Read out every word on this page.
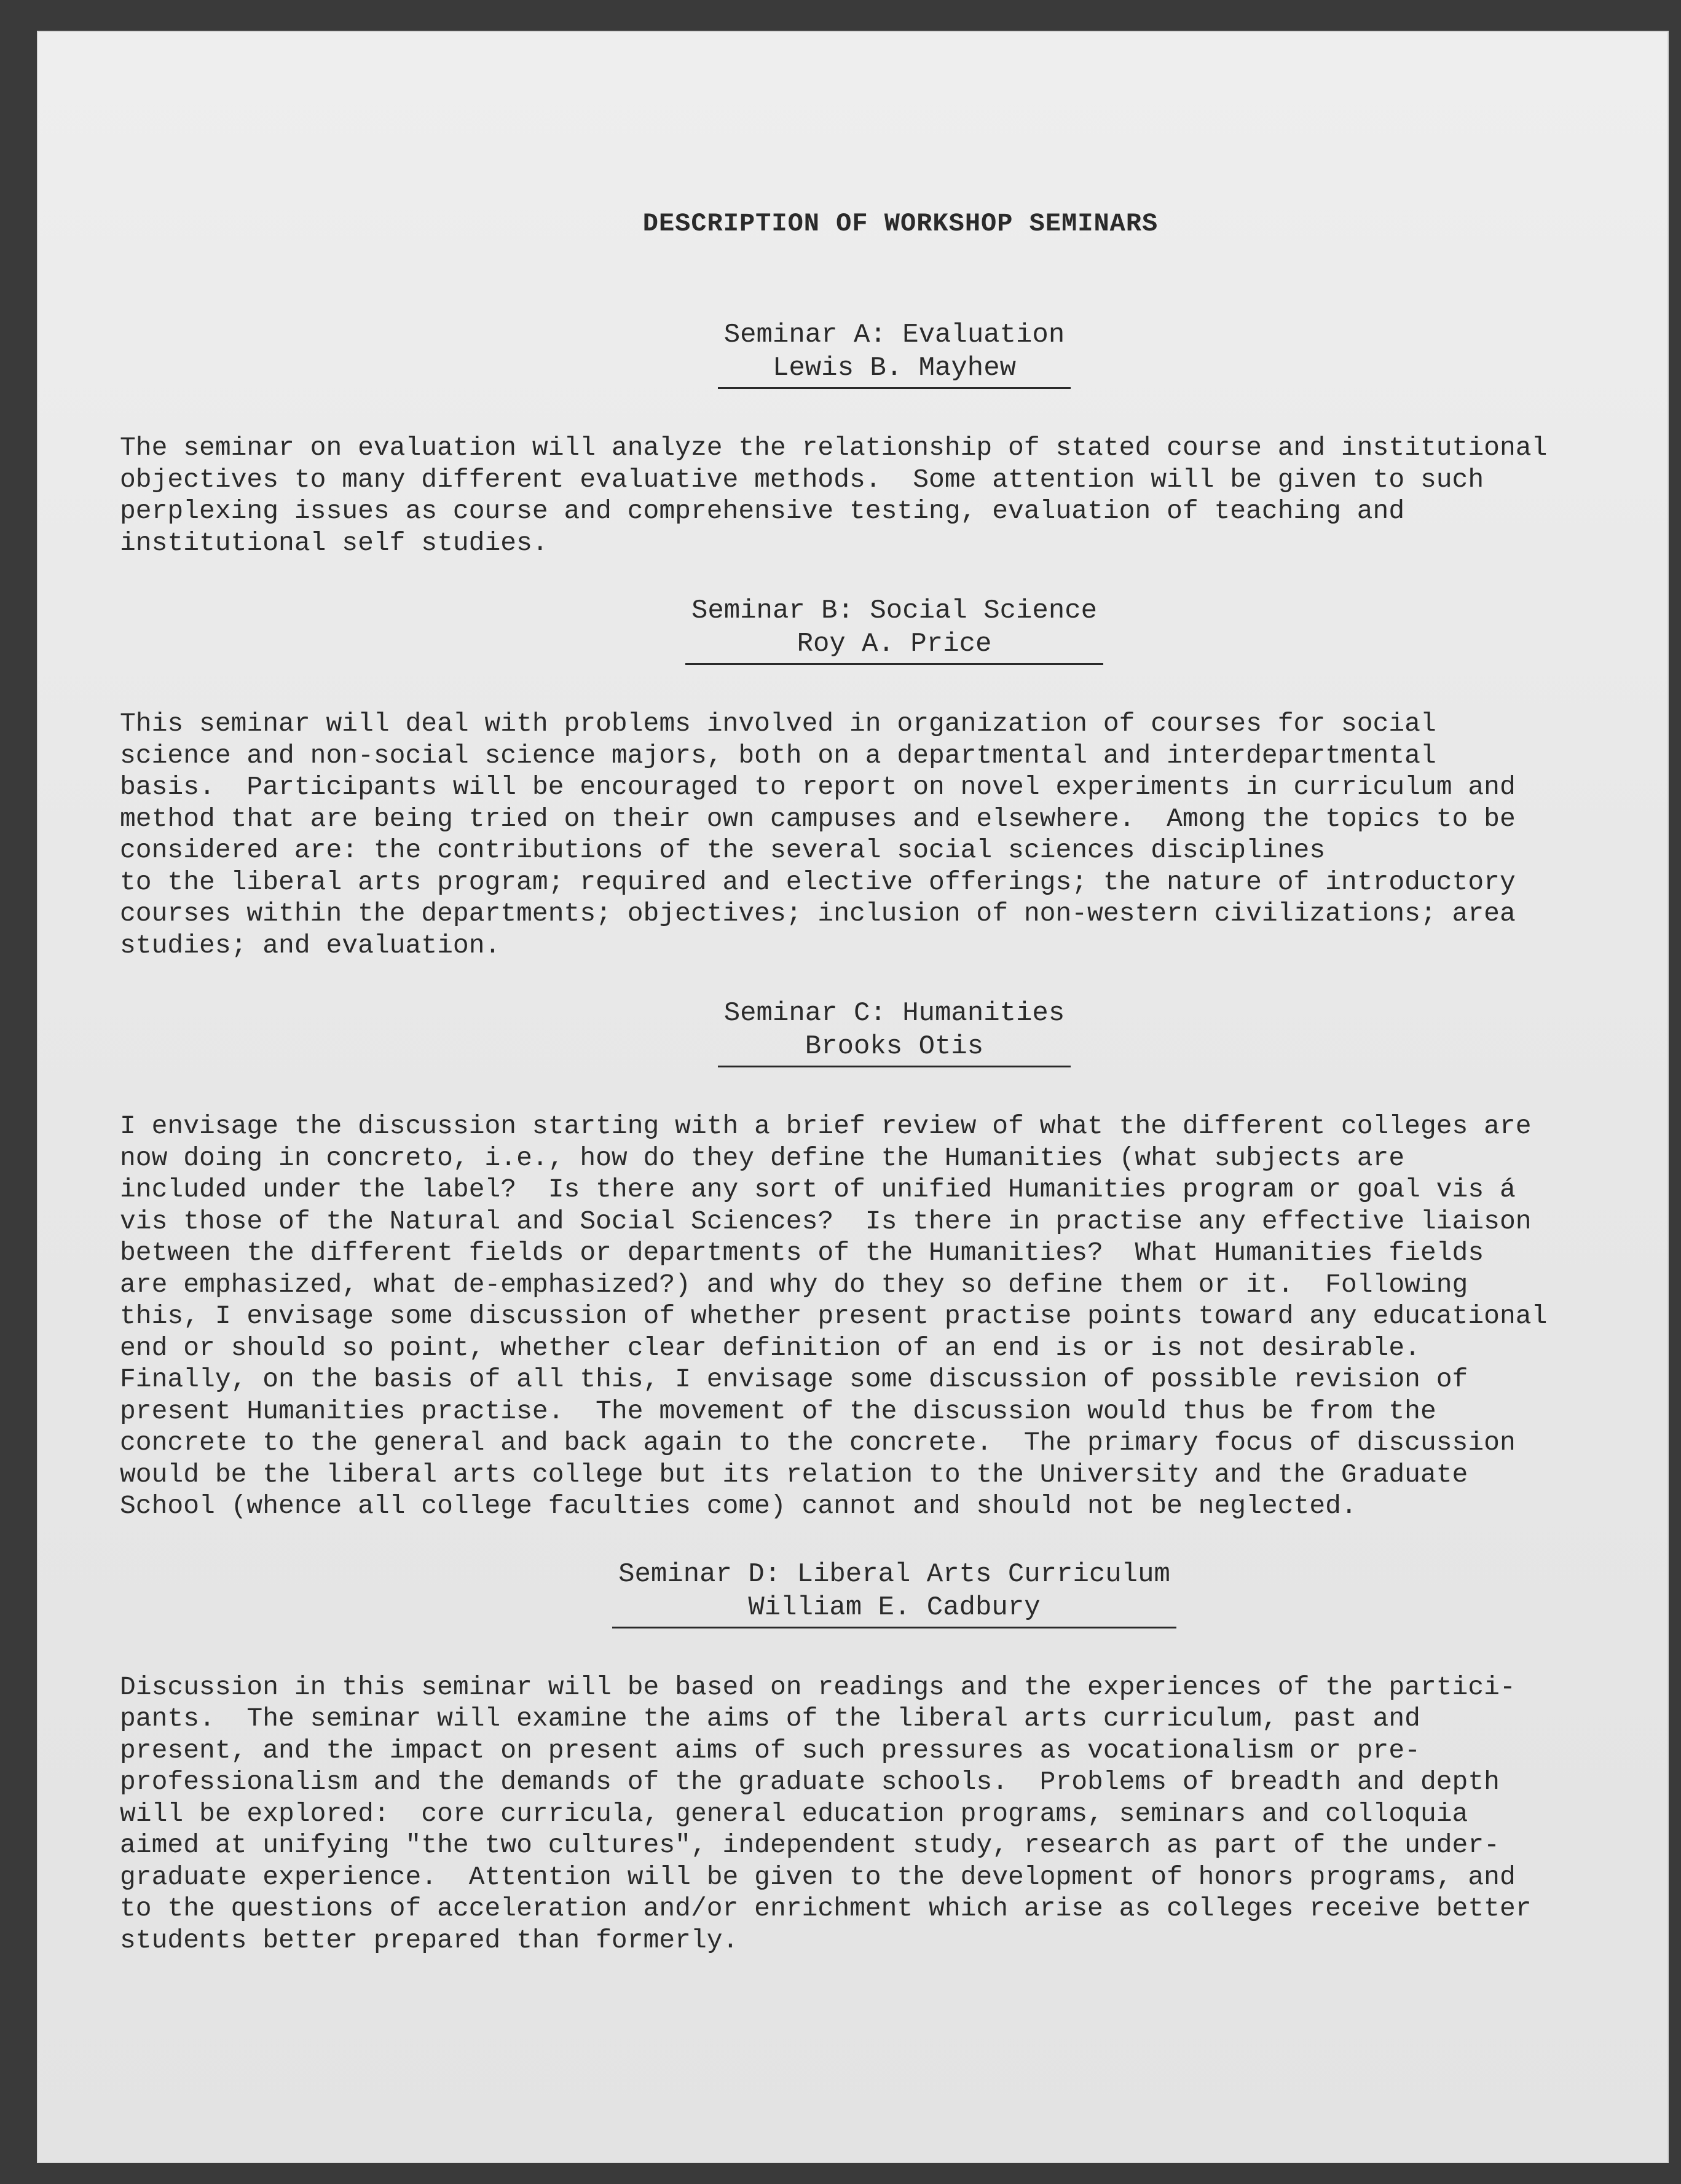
DESCRIPTION OF WORKSHOP SEMINARS
Seminar A: Evaluation
Lewis B. Mayhew
The seminar on evaluation will analyze the relationship of stated course and institutional
objectives to many different evaluative methods.  Some attention will be given to such
perplexing issues as course and comprehensive testing, evaluation of teaching and
institutional self studies.
Seminar B: Social Science
Roy A. Price
This seminar will deal with problems involved in organization of courses for social
science and non-social science majors, both on a departmental and interdepartmental
basis.  Participants will be encouraged to report on novel experiments in curriculum and
method that are being tried on their own campuses and elsewhere.  Among the topics to be
considered are: the contributions of the several social sciences disciplines
to the liberal arts program; required and elective offerings; the nature of introductory
courses within the departments; objectives; inclusion of non-western civilizations; area
studies; and evaluation.
Seminar C: Humanities
Brooks Otis
I envisage the discussion starting with a brief review of what the different colleges are
now doing in concreto, i.e., how do they define the Humanities (what subjects are
included under the label?  Is there any sort of unified Humanities program or goal vis á
vis those of the Natural and Social Sciences?  Is there in practise any effective liaison
between the different fields or departments of the Humanities?  What Humanities fields
are emphasized, what de-emphasized?) and why do they so define them or it.  Following
this, I envisage some discussion of whether present practise points toward any educational
end or should so point, whether clear definition of an end is or is not desirable.
Finally, on the basis of all this, I envisage some discussion of possible revision of
present Humanities practise.  The movement of the discussion would thus be from the
concrete to the general and back again to the concrete.  The primary focus of discussion
would be the liberal arts college but its relation to the University and the Graduate
School (whence all college faculties come) cannot and should not be neglected.
Seminar D: Liberal Arts Curriculum
William E. Cadbury
Discussion in this seminar will be based on readings and the experiences of the partici-
pants.  The seminar will examine the aims of the liberal arts curriculum, past and
present, and the impact on present aims of such pressures as vocationalism or pre-
professionalism and the demands of the graduate schools.  Problems of breadth and depth
will be explored:  core curricula, general education programs, seminars and colloquia
aimed at unifying "the two cultures", independent study, research as part of the under-
graduate experience.  Attention will be given to the development of honors programs, and
to the questions of acceleration and/or enrichment which arise as colleges receive better
students better prepared than formerly.
